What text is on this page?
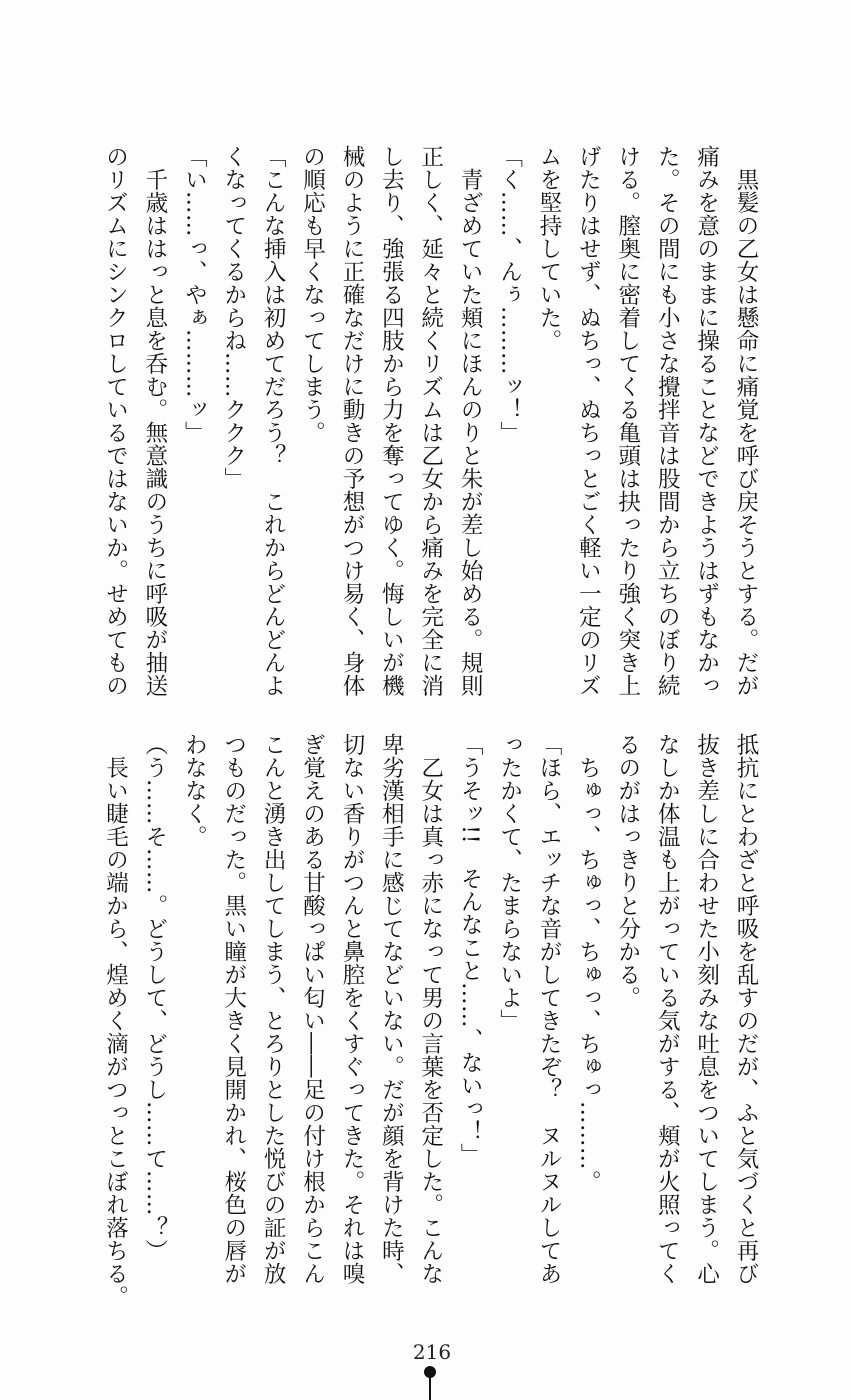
　黒髪の乙女は懸命に痛覚を呼び戻そうとする。だが
痛みを意のままに操ることなどできようはずもなかっ
た。その間にも小さな攪拌音は股間から立ちのぼり続
ける。膣奥に密着してくる亀頭は抉ったり強く突き上
げたりはせず、ぬちっ、ぬちっとごく軽い一定のリズ
ムを堅持していた。
「く……、んぅ………ッ！」
　青ざめていた頬にほんのりと朱が差し始める。規則
正しく、延々と続くリズムは乙女から痛みを完全に消
し去り、強張る四肢から力を奪ってゆく。悔しいが機
械のように正確なだけに動きの予想がつけ易く、身体
の順応も早くなってしまう。
「こんな挿入は初めてだろう？　これからどんどんよ
くなってくるからね……ククク」
「い……っ、やぁ………ッ」
　千歳ははっと息を呑む。無意識のうちに呼吸が抽送
のリズムにシンクロしているではないか。せめてもの
抵抗にとわざと呼吸を乱すのだが、ふと気づくと再び
抜き差しに合わせた小刻みな吐息をついてしまう。心
なしか体温も上がっている気がする、頬が火照ってく
るのがはっきりと分かる。
　ちゅっ、ちゅっ、ちゅっ、ちゅっ………。
「ほら、エッチな音がしてきたぞ？　ヌルヌルしてあ
ったかくて、たまらないよ」
「うそッ!!　そんなこと……、ないっ！」
　乙女は真っ赤になって男の言葉を否定した。こんな
卑劣漢相手に感じてなどいない。だが顔を背けた時、
切ない香りがつんと鼻腔をくすぐってきた。それは嗅
ぎ覚えのある甘酸っぱい匂い――足の付け根からこん
こんと湧き出してしまう、とろりとした悦びの証が放
つものだった。黒い瞳が大きく見開かれ、桜色の唇が
わななく。
（う……そ……。どうして、どうし……て……？）
　長い睫毛の端から、煌めく滴がつっとこぼれ落ちる。
216
